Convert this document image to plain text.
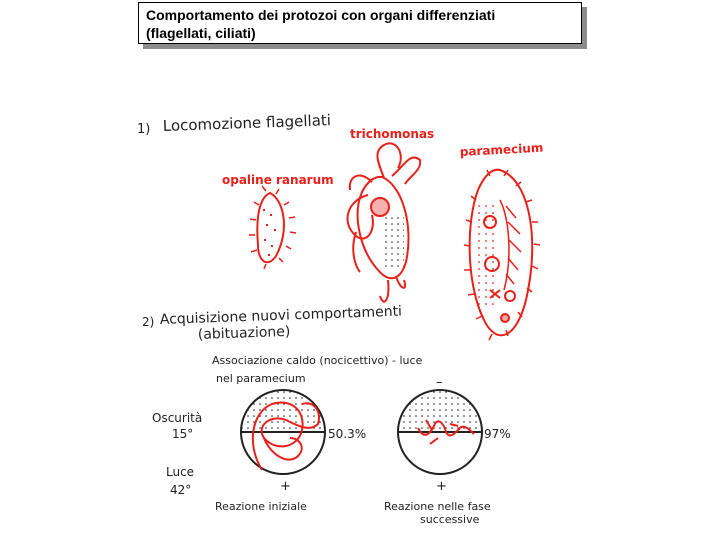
Comportamento dei protozoi con organi differenziati
(flagellati, ciliati)
1) Locomozione flagellati
opaline ranarum
trichomonas
paramecium
2) Acquisizione nuovi comportamenti
(abituazione)
Associazione caldo (nocicettivo) - luce
nel paramecium
Oscurità
15°
Luce
42°
50.3%
+
Reazione iniziale
–
97%
+
Reazione nelle fase
successive
